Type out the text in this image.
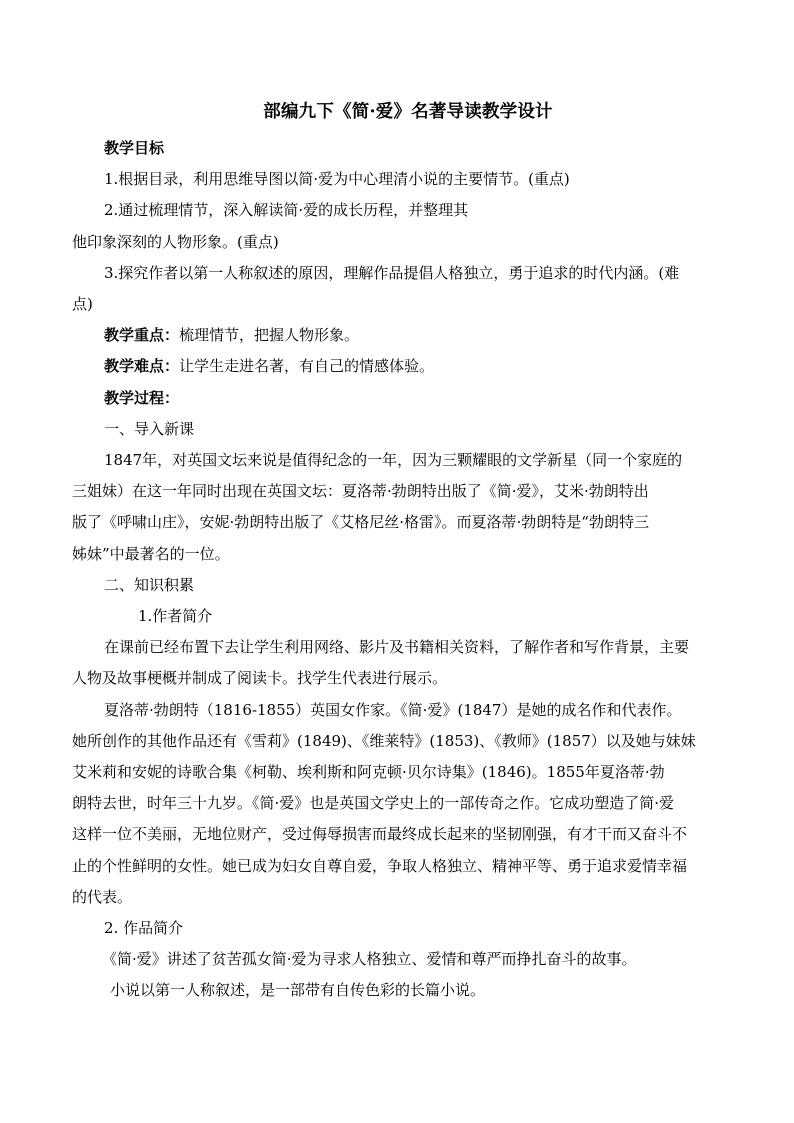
部编九下《简·爱》名著导读教学设计

教学目标

1.根据目录，利用思维导图以简·爱为中心理清小说的主要情节。(重点)

2.通过梳理情节，深入解读简·爱的成长历程，并整理其

他印象深刻的人物形象。(重点)

3.探究作者以第一人称叙述的原因，理解作品提倡人格独立，勇于追求的时代内涵。(难

点)

教学重点：梳理情节，把握人物形象。

教学难点：让学生走进名著，有自己的情感体验。

教学过程：

一、导入新课

1847年，对英国文坛来说是值得纪念的一年，因为三颗耀眼的文学新星（同一个家庭的

三姐妹）在这一年同时出现在英国文坛：夏洛蒂·勃朗特出版了《简·爱》，艾米·勃朗特出

版了《呼啸山庄》，安妮·勃朗特出版了《艾格尼丝·格雷》。而夏洛蒂·勃朗特是“勃朗特三

姊妹”中最著名的一位。

二、知识积累

1.作者简介

在课前已经布置下去让学生利用网络、影片及书籍相关资料，了解作者和写作背景，主要

人物及故事梗概并制成了阅读卡。找学生代表进行展示。

夏洛蒂·勃朗特（1816-1855）英国女作家。《简·爱》(1847）是她的成名作和代表作。

她所创作的其他作品还有《雪莉》(1849)、《维莱特》(1853)、《教师》(1857）以及她与妹妹

艾米莉和安妮的诗歌合集《柯勒、埃利斯和阿克顿·贝尔诗集》(1846)。1855年夏洛蒂·勃

朗特去世，时年三十九岁。《简·爱》也是英国文学史上的一部传奇之作。它成功塑造了简·爱

这样一位不美丽，无地位财产，受过侮辱损害而最终成长起来的坚韧刚强，有才干而又奋斗不

止的个性鲜明的女性。她已成为妇女自尊自爱，争取人格独立、精神平等、勇于追求爱情幸福

的代表。

2. 作品简介

《简·爱》讲述了贫苦孤女简·爱为寻求人格独立、爱情和尊严而挣扎奋斗的故事。

小说以第一人称叙述，是一部带有自传色彩的长篇小说。
